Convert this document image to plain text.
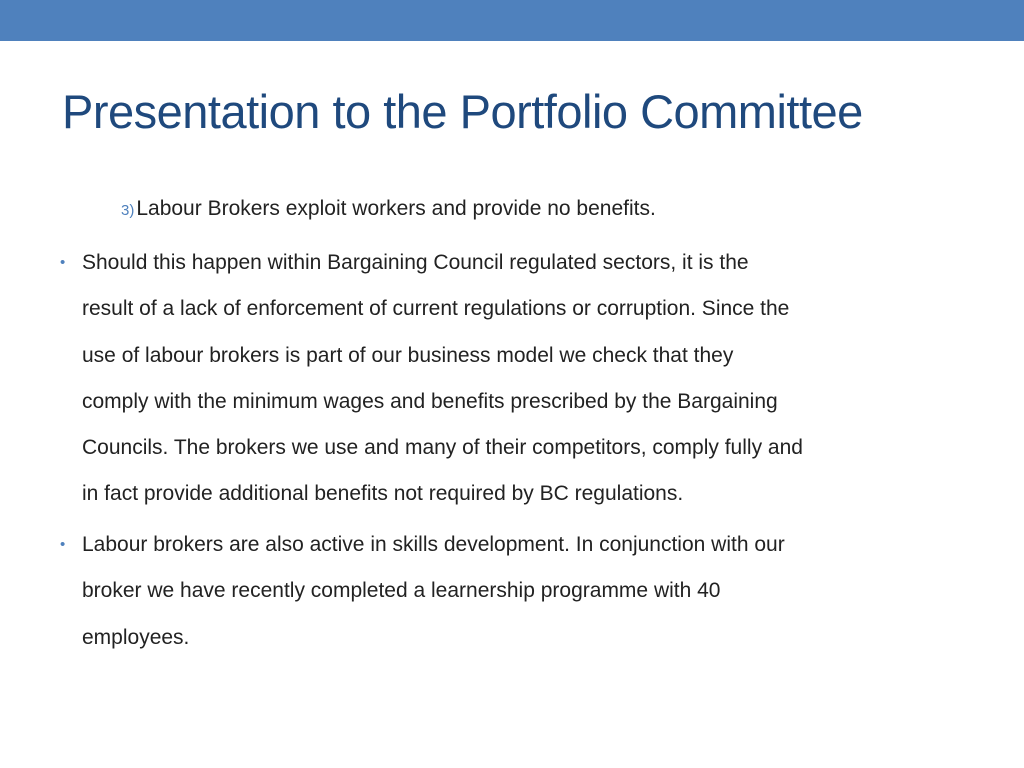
Presentation to the Portfolio Committee
3)Labour Brokers exploit workers and provide no benefits.
• Should this happen within Bargaining Council regulated sectors, it is the
result of a lack of enforcement of current regulations or corruption. Since the
use of labour brokers is part of our business model we check that they
comply with the minimum wages and benefits prescribed by the Bargaining
Councils. The brokers we use and many of their competitors, comply fully and
in fact provide additional benefits not required by BC regulations.
• Labour brokers are also active in skills development. In conjunction with our
broker we have recently completed a learnership programme with 40
employees.
